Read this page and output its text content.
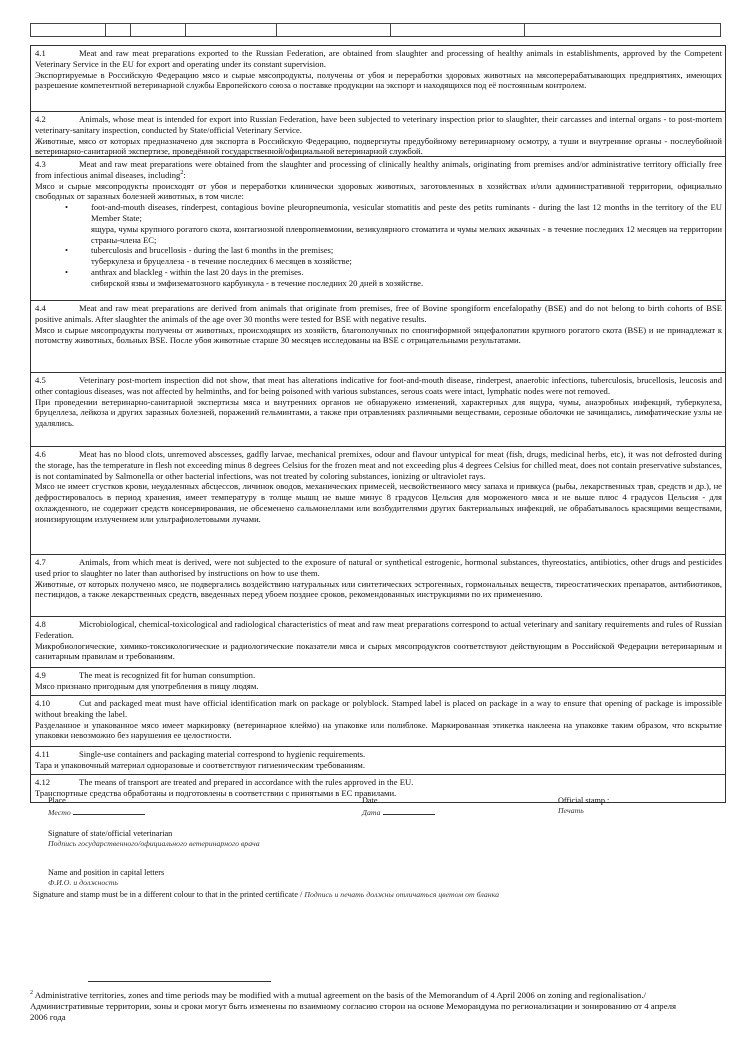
4.1	Meat and raw meat preparations exported to the Russian Federation, are obtained from slaughter and processing of healthy animals in establishments, approved by the Competent Veterinary Service in the EU for export and operating under its constant supervision.

Экспортируемые в Российскую Федерацию мясо и сырые мясопродукты, получены от убоя и переработки здоровых животных на мясоперерабатывающих предприятиях, имеющих разрешение компетентной ветеринарной службы Европейского союза о поставке продукции на экспорт и находящихся под её постоянным контролем.

4.2	Animals, whose meat is intended for export into Russian Federation, have been subjected to veterinary inspection prior to slaughter, their carcasses and internal organs - to post-mortem veterinary-sanitary inspection, conducted by State/official Veterinary Service.

Животные, мясо от которых предназначено для экспорта в Российскую Федерацию, подвергнуты предубойному ветеринарному осмотру, а туши и внутренние органы - послеубойной ветеринарно-санитарной экспертизе, проведённой государственной/официальной ветеринарной службой.

4.3	Meat and raw meat preparations were obtained from the slaughter and processing of clinically healthy animals, originating from premises and/or administrative territory officially free from infectious animal diseases, including$^2$:

Мясо и сырые мясопродукты происходят от убоя и переработки клинически здоровых животных, заготовленных в хозяйствах и/или административной территории, официально свободных от заразных болезней животных, в том числе:

• foot-and-mouth diseases, rinderpest, contagious bovine pleuropneumonia, vesicular stomatitis and peste des petits ruminants - during the last 12 months in the territory of the EU Member State;

ящура, чумы крупного рогатого скота, контагиозной плевропневмонии, везикулярного стоматита и чумы мелких жвачных - в течение последних 12 месяцев на территории страны-члена ЕС;

• tuberculosis and brucellosis - during the last 6 months in the premises;

туберкулеза и бруцеллеза - в течение последних 6 месяцев в хозяйстве;

• anthrax and blackleg - within the last 20 days in the premises.

сибирской язвы и эмфизематозного карбункула - в течение последних 20 дней в хозяйстве.

4.4	Meat and raw meat preparations are derived from animals that originate from premises, free of Bovine spongiform encefalopathy (BSE) and do not belong to birth cohorts of BSE positive animals. After slaughter the animals of the age over 30 months were tested for BSE with negative results.

Мясо и сырые мясопродукты получены от животных, происходящих из хозяйств, благополучных по спонгиформной энцефалопатии крупного рогатого скота (BSE) и не принадлежат к потомству животных, больных BSE. После убоя животные старше 30 месяцев исследованы на BSE с отрицательными результатами.

4.5	Veterinary post-mortem inspection did not show, that meat has alterations indicative for foot-and-mouth disease, rinderpest, anaerobic infections, tuberculosis, brucellosis, leucosis and other contagious diseases, was not affected by helminths, and for being poisoned with various substances, serous coats were intact, lymphatic nodes were not removed.

При проведении ветеринарно-санитарной экспертизы мяса и внутренних органов не обнаружено изменений, характерных для ящура, чумы, анаэробных инфекций, туберкулеза, бруцеллеза, лейкоза и других заразных болезней, поражений гельминтами, а также при отравлениях различными веществами, серозные оболочки не зачищались, лимфатические узлы не удалялись.

4.6	Meat has no blood clots, unremoved abscesses, gadfly larvae, mechanical premixes, odour and flavour untypical for meat (fish, drugs, medicinal herbs, etc), it was not defrosted during the storage, has the temperature in flesh not exceeding minus 8 degrees Celsius for the frozen meat and not exceeding plus 4 degrees Celsius for chilled meat, does not contain preservative substances, is not contaminated by Salmonella or other bacterial infections, was not treated by coloring substances, ionizing or ultraviolet rays.

Мясо не имеет сгустков крови, неудаленных абсцессов, личинок оводов, механических примесей, несвойственного мясу запаха и привкуса (рыбы, лекарственных трав, средств и др.), не дефростировалось в период хранения, имеет температуру в толще мышц не выше минус 8 градусов Цельсия для мороженого мяса и не выше плюс 4 градусов Цельсия - для охлажденного, не содержит средств консервирования, не обсеменено сальмонеллами или возбудителями других бактериальных инфекций, не обрабатывалось красящими веществами, ионизирующим излучением или ультрафиолетовыми лучами.

4.7	Animals, from which meat is derived, were not subjected to the exposure of natural or synthetical estrogenic, hormonal substances, thyreostatics, antibiotics, other drugs and pesticides used prior to slaughter no later than authorised by instructions on how to use them.

Животные, от которых получено мясо, не подвергались воздействию натуральных или синтетических эстрогенных, гормональных веществ, тиреостатических препаратов, антибиотиков, пестицидов, а также лекарственных средств, введенных перед убоем позднее сроков, рекомендованных инструкциями по их применению.

4.8	Microbiological, chemical-toxicological and radiological characteristics of meat and raw meat preparations correspond to actual veterinary and sanitary requirements and rules of Russian Federation.

Микробиологические, химико-токсикологические и радиологические показатели мяса и сырых мясопродуктов соответствуют действующим в Российской Федерации ветеринарным и санитарным правилам и требованиям.

4.9	The meat is recognized fit for human consumption.

Мясо признано пригодным для употребления в пищу людям.

4.10	Cut and packaged meat must have official identification mark on package or polyblock. Stamped label is placed on package in a way to ensure that opening of package is impossible without breaking the label.

Разделанное и упакованное мясо имеет маркировку (ветеринарное клеймо) на упаковке или полиблоке. Маркированная этикетка наклеена на упаковке таким образом, что вскрытие упаковки невозможно без нарушения ее целостности.

4.11	Single-use containers and packaging material correspond to hygienic requirements.

Тара и упаковочный материал одноразовые и соответствуют гигиеническим требованиям.

4.12	The means of transport are treated and prepared in accordance with the rules approved in the EU.

Транспортные средства обработаны и подготовлены в соответствии с принятыми в ЕС правилами.

Place
Место
Date
Дата
Official stamp :
Печать
Signature of state/official veterinarian
Подпись государственного/официального ветеринарного врача
Name and position in capital letters
Ф.И.О. и должность
Signature and stamp must be in a different colour to that in the printed certificate / Подпись и печать должны отличаться цветом от бланка
$^2$ Administrative territories, zones and time periods may be modified with a mutual agreement on the basis of the Memorandum of 4 April 2006 on zoning and regionalisation./Административные территории, зоны и сроки могут быть изменены по взаимному согласию сторон на основе Меморандума по регионализации и зонированию от 4 апреля 2006 года
